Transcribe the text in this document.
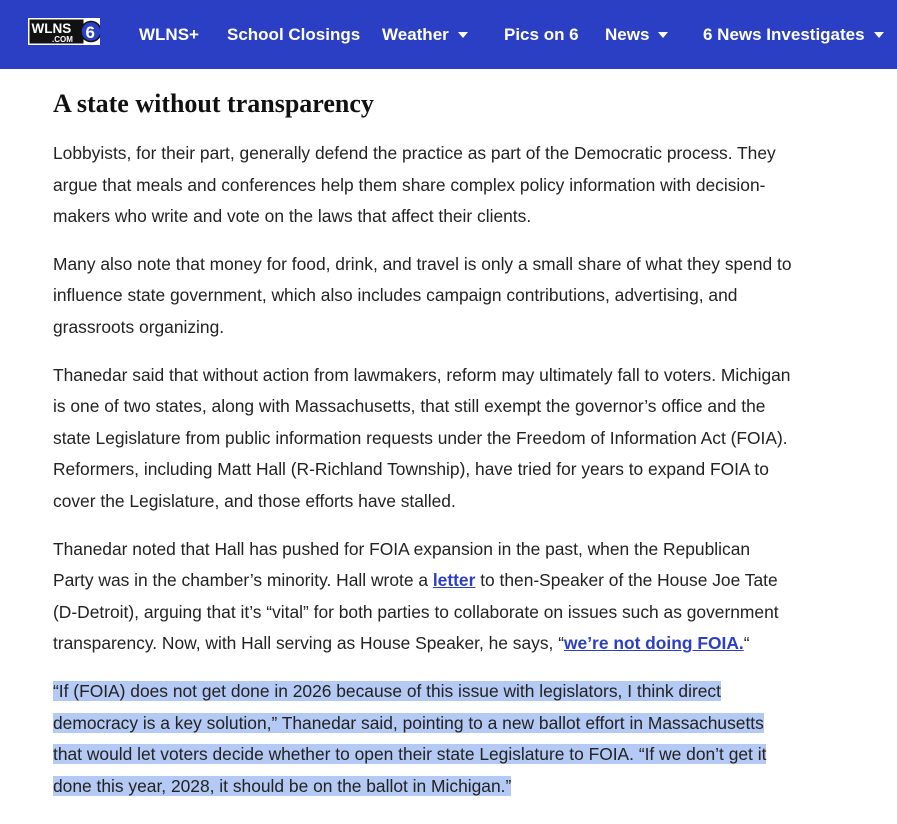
WLNS
.COM 6	WLNS+ School Closings Weather	Pics on 6 News	6 News Investigates
A state without transparency

Lobbyists, for their part, generally defend the practice as part of the Democratic process. They argue that meals and conferences help them share complex policy information with decision-makers who write and vote on the laws that affect their clients.

Many also note that money for food, drink, and travel is only a small share of what they spend to influence state government, which also includes campaign contributions, advertising, and grassroots organizing.

Thanedar said that without action from lawmakers, reform may ultimately fall to voters. Michigan is one of two states, along with Massachusetts, that still exempt the governor’s office and the state Legislature from public information requests under the Freedom of Information Act (FOIA). Reformers, including Matt Hall (R-Richland Township), have tried for years to expand FOIA to cover the Legislature, and those efforts have stalled.

Thanedar noted that Hall has pushed for FOIA expansion in the past, when the Republican Party was in the chamber’s minority. Hall wrote a letter to then-Speaker of the House Joe Tate (D-Detroit), arguing that it’s “vital” for both parties to collaborate on issues such as government transparency. Now, with Hall serving as House Speaker, he says, “we’re not doing FOIA.“

“If (FOIA) does not get done in 2026 because of this issue with legislators, I think direct democracy is a key solution,” Thanedar said, pointing to a new ballot effort in Massachusetts that would let voters decide whether to open their state Legislature to FOIA. “If we don’t get it done this year, 2028, it should be on the ballot in Michigan.”
